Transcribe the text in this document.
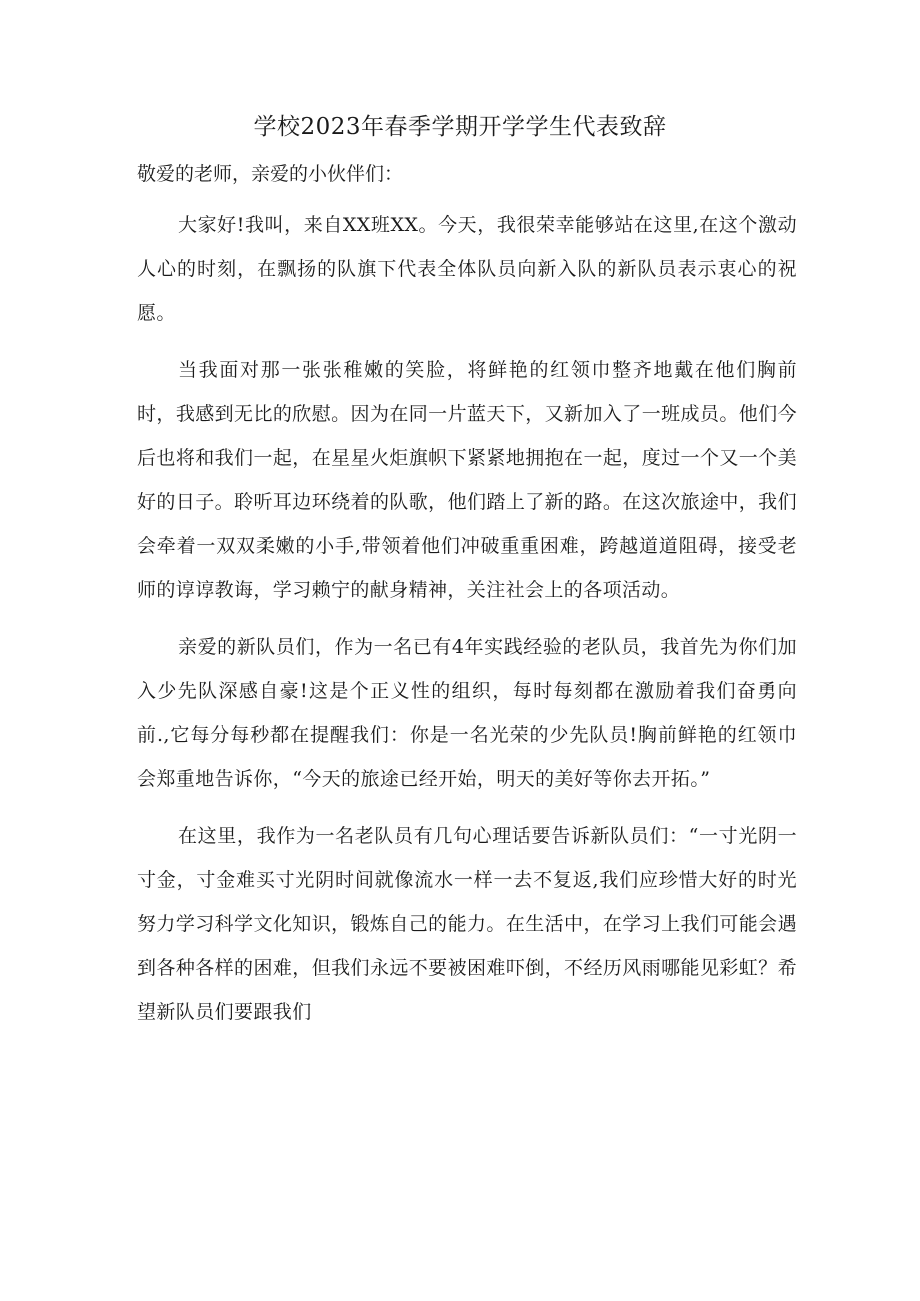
学校2023年春季学期开学学生代表致辞

敬爱的老师，亲爱的小伙伴们：

大家好!我叫，来自XX班XX。今天，我很荣幸能够站在这里,在这个激动人心的时刻，在飘扬的队旗下代表全体队员向新入队的新队员表示衷心的祝愿。

当我面对那一张张稚嫩的笑脸，将鲜艳的红领巾整齐地戴在他们胸前时，我感到无比的欣慰。因为在同一片蓝天下，又新加入了一班成员。他们今后也将和我们一起，在星星火炬旗帜下紧紧地拥抱在一起，度过一个又一个美好的日子。聆听耳边环绕着的队歌，他们踏上了新的路。在这次旅途中，我们会牵着一双双柔嫩的小手,带领着他们冲破重重困难，跨越道道阻碍，接受老师的谆谆教诲，学习赖宁的献身精神，关注社会上的各项活动。

亲爱的新队员们，作为一名已有4年实践经验的老队员，我首先为你们加入少先队深感自豪!这是个正义性的组织，每时每刻都在激励着我们奋勇向前.,它每分每秒都在提醒我们：你是一名光荣的少先队员!胸前鲜艳的红领巾会郑重地告诉你，“今天的旅途已经开始，明天的美好等你去开拓。”

在这里，我作为一名老队员有几句心理话要告诉新队员们：“一寸光阴一寸金，寸金难买寸光阴时间就像流水一样一去不复返,我们应珍惜大好的时光努力学习科学文化知识，锻炼自己的能力。在生活中，在学习上我们可能会遇到各种各样的困难，但我们永远不要被困难吓倒，不经历风雨哪能见彩虹？希望新队员们要跟我们
